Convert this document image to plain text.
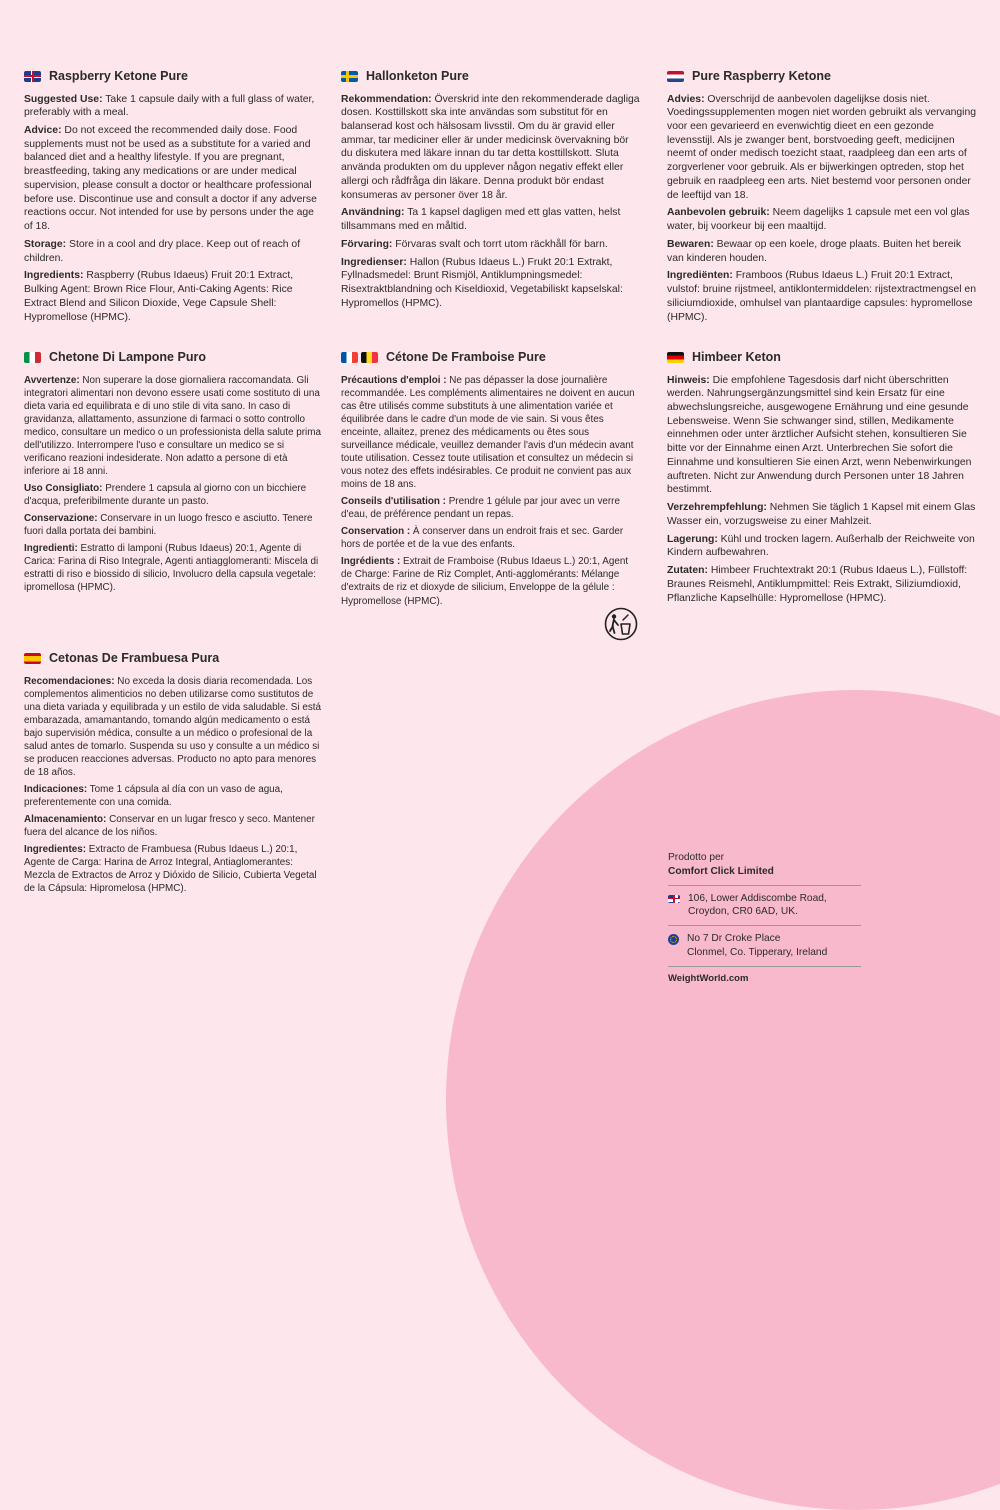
Raspberry Ketone Pure

Suggested Use: Take 1 capsule daily with a full glass of water, preferably with a meal.

Advice: Do not exceed the recommended daily dose. Food supplements must not be used as a substitute for a varied and balanced diet and a healthy lifestyle. If you are pregnant, breastfeeding, taking any medications or are under medical supervision, please consult a doctor or healthcare professional before use. Discontinue use and consult a doctor if any adverse reactions occur. Not intended for use by persons under the age of 18.

Storage: Store in a cool and dry place. Keep out of reach of children.

Ingredients: Raspberry (Rubus Idaeus) Fruit 20:1 Extract, Bulking Agent: Brown Rice Flour, Anti-Caking Agents: Rice Extract Blend and Silicon Dioxide, Vege Capsule Shell: Hypromellose (HPMC).

Hallonketon Pure

Rekommendation: Överskrid inte den rekommenderade dagliga dosen. Kosttillskott ska inte användas som substitut för en balanserad kost och hälsosam livsstil. Om du är gravid eller ammar, tar mediciner eller är under medicinsk övervakning bör du diskutera med läkare innan du tar detta kosttillskott. Sluta använda produkten om du upplever någon negativ effekt eller allergi och rådfråga din läkare. Denna produkt bör endast konsumeras av personer över 18 år.

Användning: Ta 1 kapsel dagligen med ett glas vatten, helst tillsammans med en måltid.

Förvaring: Förvaras svalt och torrt utom räckhåll för barn.

Ingredienser: Hallon (Rubus Idaeus L.) Frukt 20:1 Extrakt, Fyllnadsmedel: Brunt Rismjöl, Antiklumpningsmedel: Risextraktblandning och Kiseldioxid, Vegetabiliskt kapselskal: Hypromellos (HPMC).

Pure Raspberry Ketone

Advies: Overschrijd de aanbevolen dagelijkse dosis niet. Voedingssupplementen mogen niet worden gebruikt als vervanging voor een gevarieerd en evenwichtig dieet en een gezonde levensstijl. Als je zwanger bent, borstvoeding geeft, medicijnen neemt of onder medisch toezicht staat, raadpleeg dan een arts of zorgverlener voor gebruik. Als er bijwerkingen optreden, stop het gebruik en raadpleeg een arts. Niet bestemd voor personen onder de leeftijd van 18.

Aanbevolen gebruik: Neem dagelijks 1 capsule met een vol glas water, bij voorkeur bij een maaltijd.

Bewaren: Bewaar op een koele, droge plaats. Buiten het bereik van kinderen houden.

Ingrediënten: Framboos (Rubus Idaeus L.) Fruit 20:1 Extract, vulstof: bruine rijstmeel, antiklontermiddelen: rijstextractmengsel en siliciumdioxide, omhulsel van plantaardige capsules: hypromellose (HPMC).

Chetone Di Lampone Puro

Avvertenze: Non superare la dose giornaliera raccomandata. Gli integratori alimentari non devono essere usati come sostituto di una dieta varia ed equilibrata e di uno stile di vita sano. In caso di gravidanza, allattamento, assunzione di farmaci o sotto controllo medico, consultare un medico o un professionista della salute prima dell'utilizzo. Interrompere l'uso e consultare un medico se si verificano reazioni indesiderate. Non adatto a persone di età inferiore ai 18 anni.

Uso Consigliato: Prendere 1 capsula al giorno con un bicchiere d'acqua, preferibilmente durante un pasto.

Conservazione: Conservare in un luogo fresco e asciutto. Tenere fuori dalla portata dei bambini.

Ingredienti: Estratto di lamponi (Rubus Idaeus) 20:1, Agente di Carica: Farina di Riso Integrale, Agenti antiagglomeranti: Miscela di estratti di riso e biossido di silicio, Involucro della capsula vegetale: ipromellosa (HPMC).

Cétone De Framboise Pure

Précautions d'emploi : Ne pas dépasser la dose journalière recommandée. Les compléments alimentaires ne doivent en aucun cas être utilisés comme substituts à une alimentation variée et équilibrée dans le cadre d'un mode de vie sain. Si vous êtes enceinte, allaitez, prenez des médicaments ou êtes sous surveillance médicale, veuillez demander l'avis d'un médecin avant toute utilisation. Cessez toute utilisation et consultez un médecin si vous notez des effets indésirables. Ce produit ne convient pas aux moins de 18 ans.

Conseils d'utilisation : Prendre 1 gélule par jour avec un verre d'eau, de préférence pendant un repas.

Conservation : À conserver dans un endroit frais et sec. Garder hors de portée et de la vue des enfants.

Ingrédients : Extrait de Framboise (Rubus Idaeus L.) 20:1, Agent de Charge: Farine de Riz Complet, Anti-agglomérants: Mélange d'extraits de riz et dioxyde de silicium, Enveloppe de la gélule : Hypromellose (HPMC).

Himbeer Keton

Hinweis: Die empfohlene Tagesdosis darf nicht überschritten werden. Nahrungsergänzungsmittel sind kein Ersatz für eine abwechslungsreiche, ausgewogene Ernährung und eine gesunde Lebensweise. Wenn Sie schwanger sind, stillen, Medikamente einnehmen oder unter ärztlicher Aufsicht stehen, konsultieren Sie bitte vor der Einnahme einen Arzt. Unterbrechen Sie sofort die Einnahme und konsultieren Sie einen Arzt, wenn Nebenwirkungen auftreten. Nicht zur Anwendung durch Personen unter 18 Jahren bestimmt.

Verzehrempfehlung: Nehmen Sie täglich 1 Kapsel mit einem Glas Wasser ein, vorzugsweise zu einer Mahlzeit.

Lagerung: Kühl und trocken lagern. Außerhalb der Reichweite von Kindern aufbewahren.

Zutaten: Himbeer Fruchtextrakt 20:1 (Rubus Idaeus L.), Füllstoff: Braunes Reismehl, Antiklumpmittel: Reis Extrakt, Siliziumdioxid, Pflanzliche Kapselhülle: Hypromellose (HPMC).

Cetonas De Frambuesa Pura

Recomendaciones: No exceda la dosis diaria recomendada. Los complementos alimenticios no deben utilizarse como sustitutos de una dieta variada y equilibrada y un estilo de vida saludable. Si está embarazada, amamantando, tomando algún medicamento o está bajo supervisión médica, consulte a un médico o profesional de la salud antes de tomarlo. Suspenda su uso y consulte a un médico si se producen reacciones adversas. Producto no apto para menores de 18 años.

Indicaciones: Tome 1 cápsula al día con un vaso de agua, preferentemente con una comida.

Almacenamiento: Conservar en un lugar fresco y seco. Mantener fuera del alcance de los niños.

Ingredientes: Extracto de Frambuesa (Rubus Idaeus L.) 20:1, Agente de Carga: Harina de Arroz Integral, Antiaglomerantes: Mezcla de Extractos de Arroz y Dióxido de Silicio, Cubierta Vegetal de la Cápsula: Hipromelosa (HPMC).

Prodotto per
Comfort Click Limited
106, Lower Addiscombe Road,
Croydon, CR0 6AD, UK.
No 7 Dr Croke Place
Clonmel, Co. Tipperary, Ireland
WeightWorld.com
